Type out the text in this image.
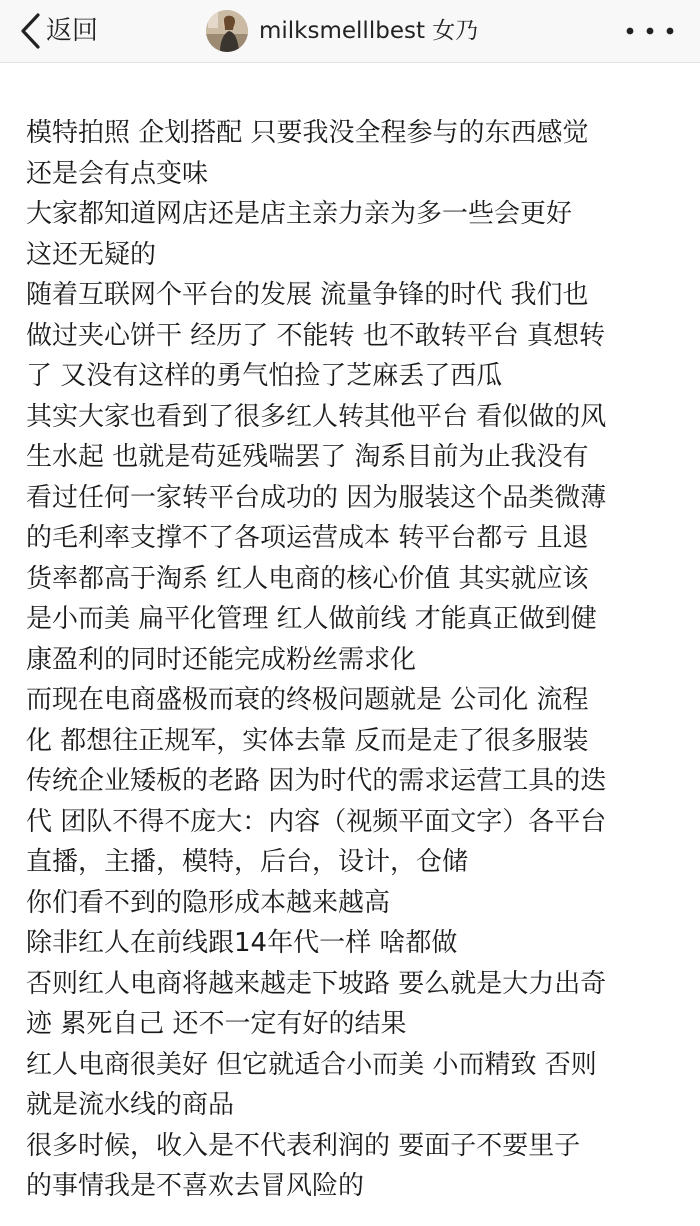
返回	milksmelllbest 女乃
模特拍照 企划搭配 只要我没全程参与的东西感觉
还是会有点变味
大家都知道网店还是店主亲力亲为多一些会更好
这还无疑的
随着互联网个平台的发展 流量争锋的时代 我们也
做过夹心饼干 经历了 不能转 也不敢转平台 真想转
了 又没有这样的勇气怕捡了芝麻丢了西瓜
其实大家也看到了很多红人转其他平台 看似做的风
生水起 也就是苟延残喘罢了 淘系目前为止我没有
看过任何一家转平台成功的 因为服装这个品类微薄
的毛利率支撑不了各项运营成本 转平台都亏 且退
货率都高于淘系 红人电商的核心价值 其实就应该
是小而美 扁平化管理 红人做前线 才能真正做到健
康盈利的同时还能完成粉丝需求化
而现在电商盛极而衰的终极问题就是 公司化 流程
化 都想往正规军，实体去靠 反而是走了很多服装
传统企业矮板的老路 因为时代的需求运营工具的迭
代 团队不得不庞大：内容（视频平面文字）各平台
直播，主播，模特，后台，设计，仓储
你们看不到的隐形成本越来越高
除非红人在前线跟14年代一样 啥都做
否则红人电商将越来越走下坡路 要么就是大力出奇
迹 累死自己 还不一定有好的结果
红人电商很美好 但它就适合小而美 小而精致 否则
就是流水线的商品
很多时候，收入是不代表利润的 要面子不要里子
的事情我是不喜欢去冒风险的
